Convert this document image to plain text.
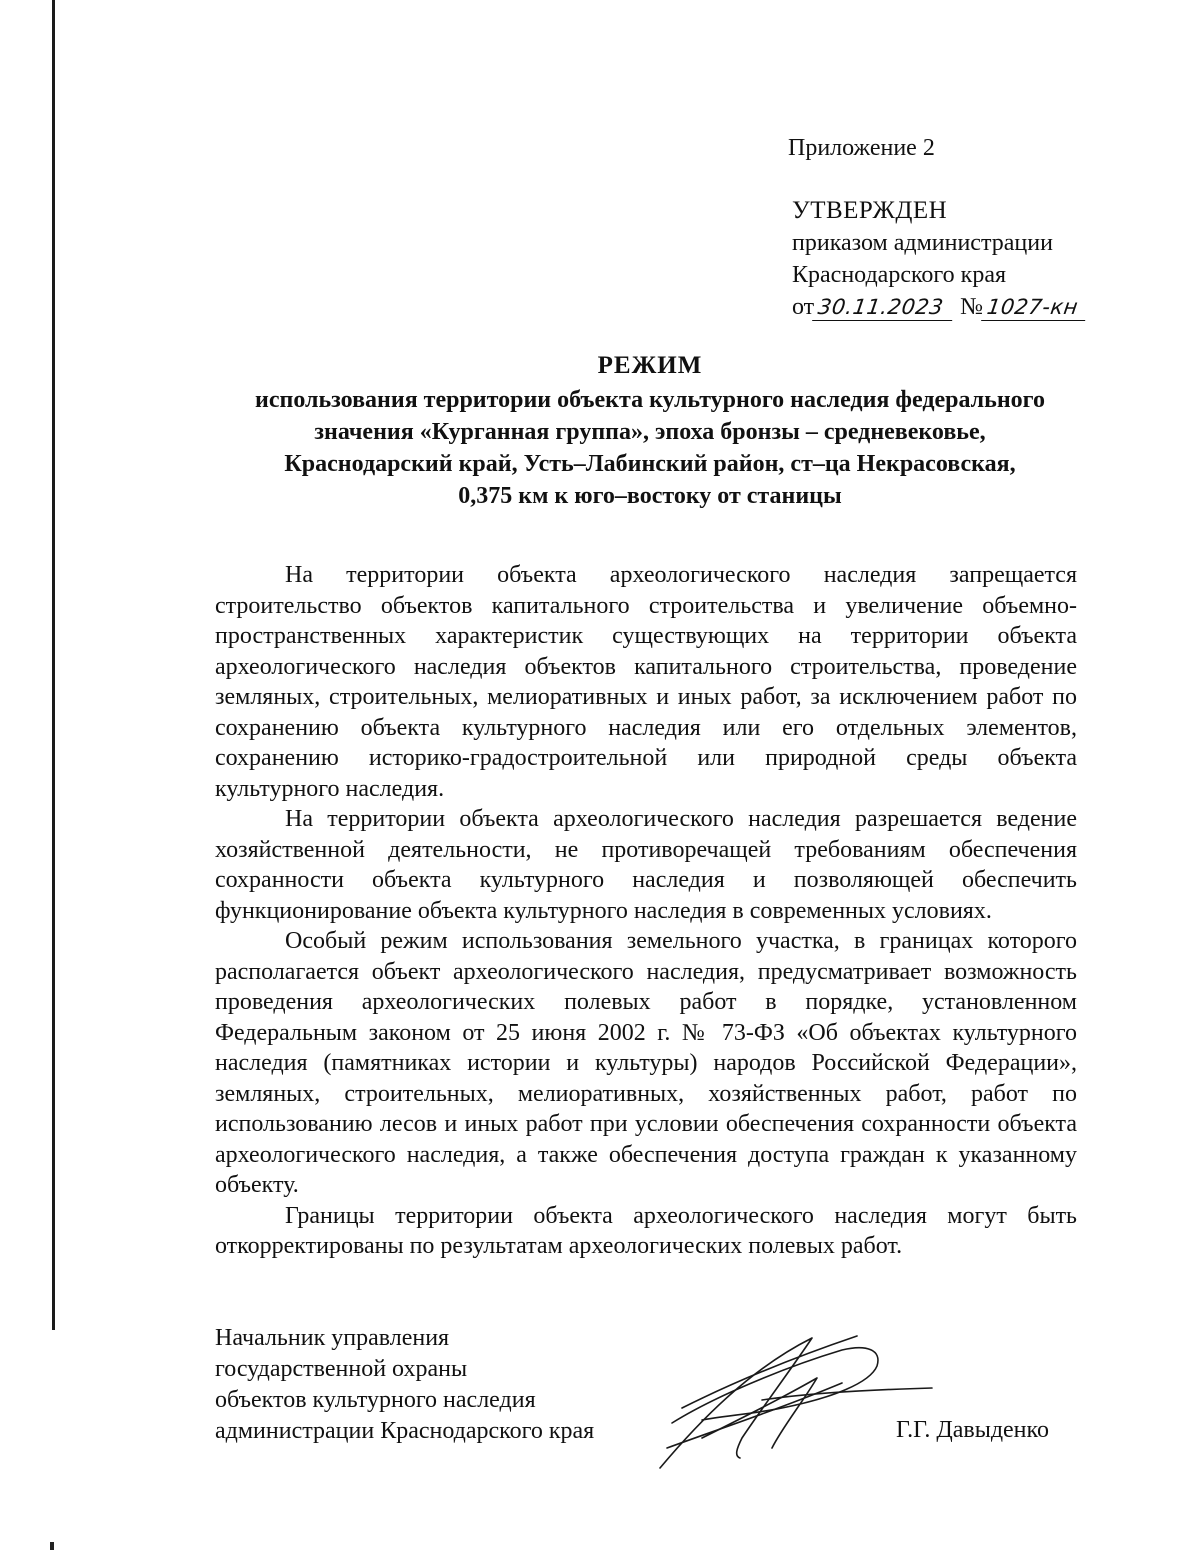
Приложение 2
УТВЕРЖДЕН
приказом администрации
Краснодарского края
от 30.11.2023 № 1027-кн
РЕЖИМ
использования территории объекта культурного наследия федерального
значения «Курганная группа», эпоха бронзы – средневековье,
Краснодарский край, Усть–Лабинский район, ст–ца Некрасовская,
0,375 км к юго–востоку от станицы

На территории объекта археологического наследия запрещается строительство объектов капитального строительства и увеличение объемно-пространственных характеристик существующих на территории объекта археологического наследия объектов капитального строительства, проведение земляных, строительных, мелиоративных и иных работ, за исключением работ по сохранению объекта культурного наследия или его отдельных элементов, сохранению историко-градостроительной или природной среды объекта культурного наследия.

На территории объекта археологического наследия разрешается ведение хозяйственной деятельности, не противоречащей требованиям обеспечения сохранности объекта культурного наследия и позволяющей обеспечить функционирование объекта культурного наследия в современных условиях.

Особый режим использования земельного участка, в границах которого располагается объект археологического наследия, предусматривает возможность проведения археологических полевых работ в порядке, установленном Федеральным законом от 25 июня 2002 г. № 73-ФЗ «Об объектах культурного наследия (памятниках истории и культуры) народов Российской Федерации», земляных, строительных, мелиоративных, хозяйственных работ, работ по использованию лесов и иных работ при условии обеспечения сохранности объекта археологического наследия, а также обеспечения доступа граждан к указанному объекту.

Границы территории объекта археологического наследия могут быть откорректированы по результатам археологических полевых работ.

Начальник управления
государственной охраны
объектов культурного наследия
администрации Краснодарского края	Г.Г. Давыденко
